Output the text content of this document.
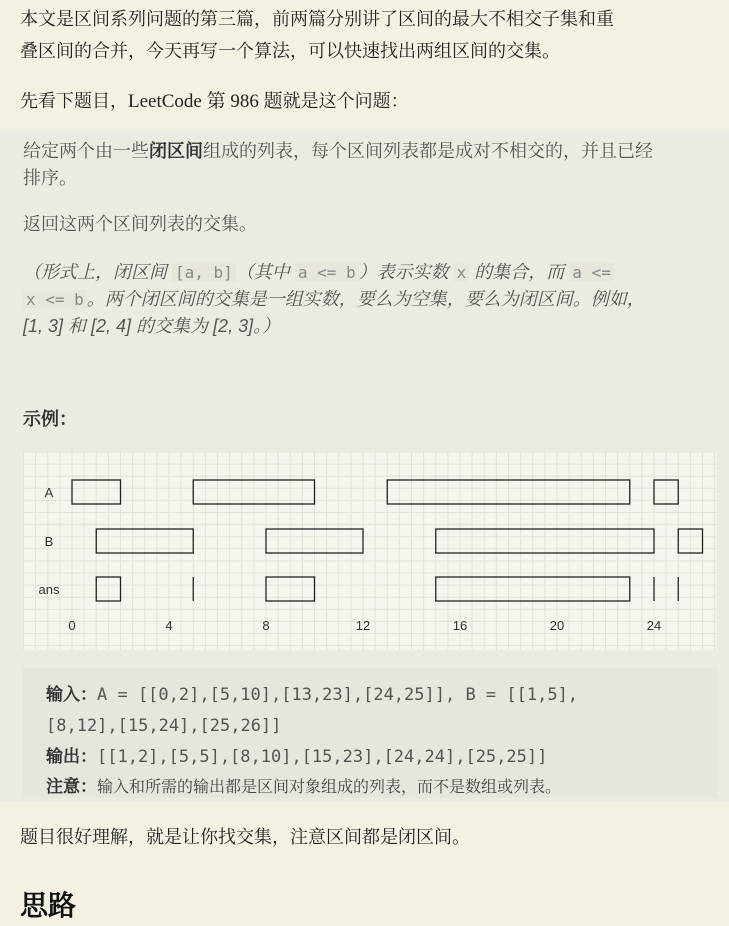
本文是区间系列问题的第三篇，前两篇分别讲了区间的最大不相交子集和重
叠区间的合并，今天再写一个算法，可以快速找出两组区间的交集。

先看下题目，LeetCode 第 986 题就是这个问题：

给定两个由一些闭区间组成的列表，每个区间列表都是成对不相交的，并且已经
排序。

返回这两个区间列表的交集。

（形式上，闭区间 [a, b] （其中 a <= b ）表示实数 x 的集合，而 a <=
x <= b 。两个闭区间的交集是一组实数，要么为空集，要么为闭区间。例如，
[1, 3] 和 [2, 4] 的交集为 [2, 3]。）

示例：

A
B
ans
0	4	8	12	16	20	24

输入：A = [[0,2],[5,10],[13,23],[24,25]], B = [[1,5],

[8,12],[15,24],[25,26]]

输出：[[1,2],[5,5],[8,10],[15,23],[24,24],[25,25]]

注意：输入和所需的输出都是区间对象组成的列表，而不是数组或列表。

题目很好理解，就是让你找交集，注意区间都是闭区间。

思路
